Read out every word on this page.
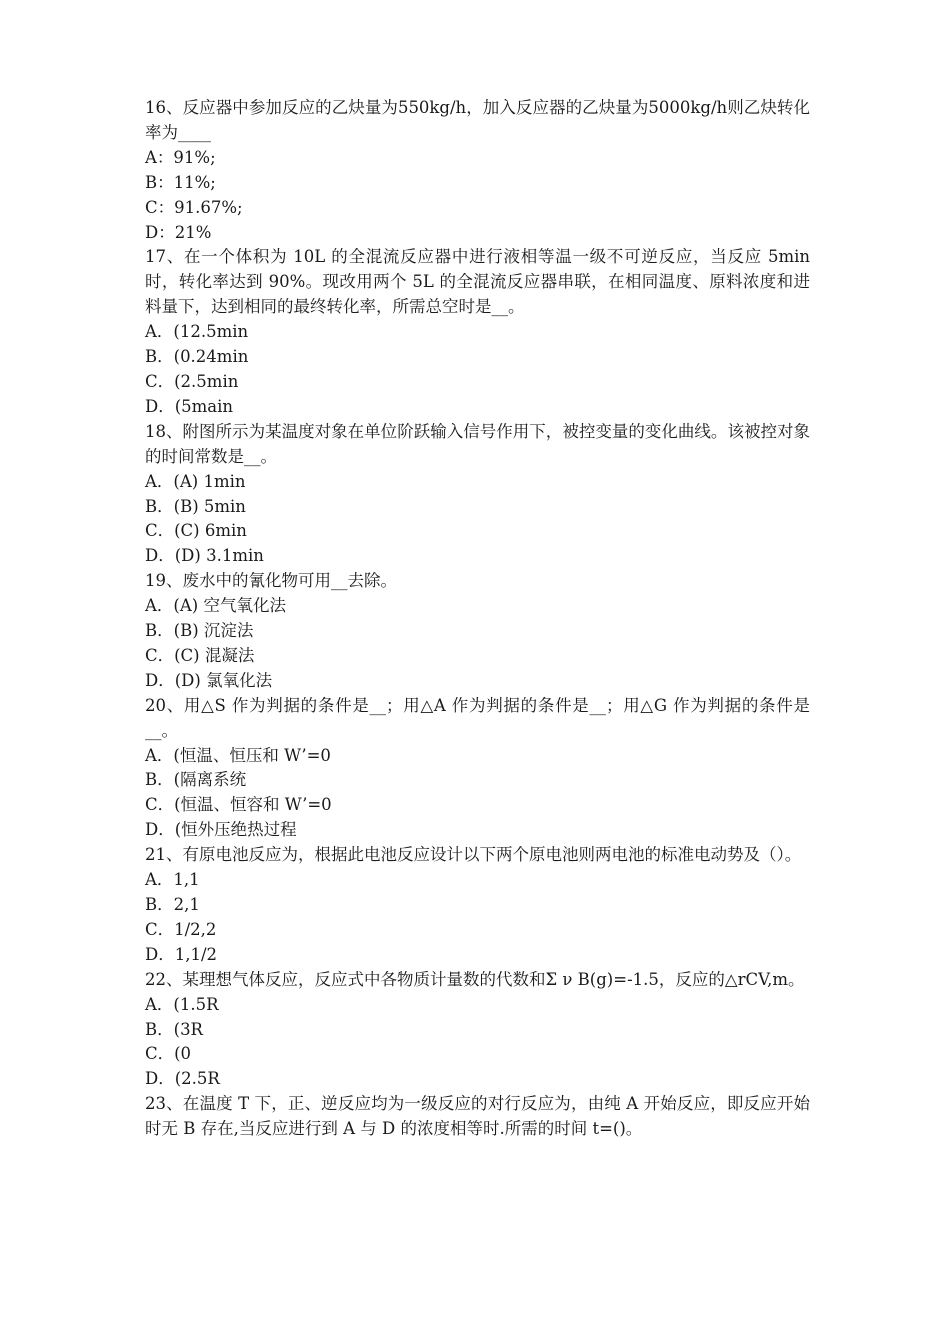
16、反应器中参加反应的乙炔量为550kg/h，加入反应器的乙炔量为5000kg/h则乙炔转化率为____

A：91%;

B：11%;

C：91.67%;

D：21%

17、在一个体积为 10L 的全混流反应器中进行液相等温一级不可逆反应，当反应 5min时，转化率达到 90%。现改用两个 5L 的全混流反应器串联，在相同温度、原料浓度和进料量下，达到相同的最终转化率，所需总空时是__。

A．(12.5min

B．(0.24min

C．(2.5min

D．(5main

18、附图所示为某温度对象在单位阶跃输入信号作用下，被控变量的变化曲线。该被控对象的时间常数是__。

A．(A) 1min

B．(B) 5min

C．(C) 6min

D．(D) 3.1min

19、废水中的氰化物可用__去除。

A．(A) 空气氧化法

B．(B) 沉淀法

C．(C) 混凝法

D．(D) 氯氧化法

20、用△S 作为判据的条件是__；用△A 作为判据的条件是__；用△G 作为判据的条件是__。

A．(恒温、恒压和 W’=0

B．(隔离系统

C．(恒温、恒容和 W’=0

D．(恒外压绝热过程

21、有原电池反应为，根据此电池反应设计以下两个原电池则两电池的标准电动势及（）。

A．1,1

B．2,1

C．1/2,2

D．1,1/2

22、某理想气体反应，反应式中各物质计量数的代数和Σ ν B(g)=-1.5，反应的△rCV,m。

A．(1.5R

B．(3R

C．(0

D．(2.5R

23、在温度 T 下，正、逆反应均为一级反应的对行反应为，由纯 A 开始反应，即反应开始时无 B 存在,当反应进行到 A 与 D 的浓度相等时.所需的时间 t=()。
